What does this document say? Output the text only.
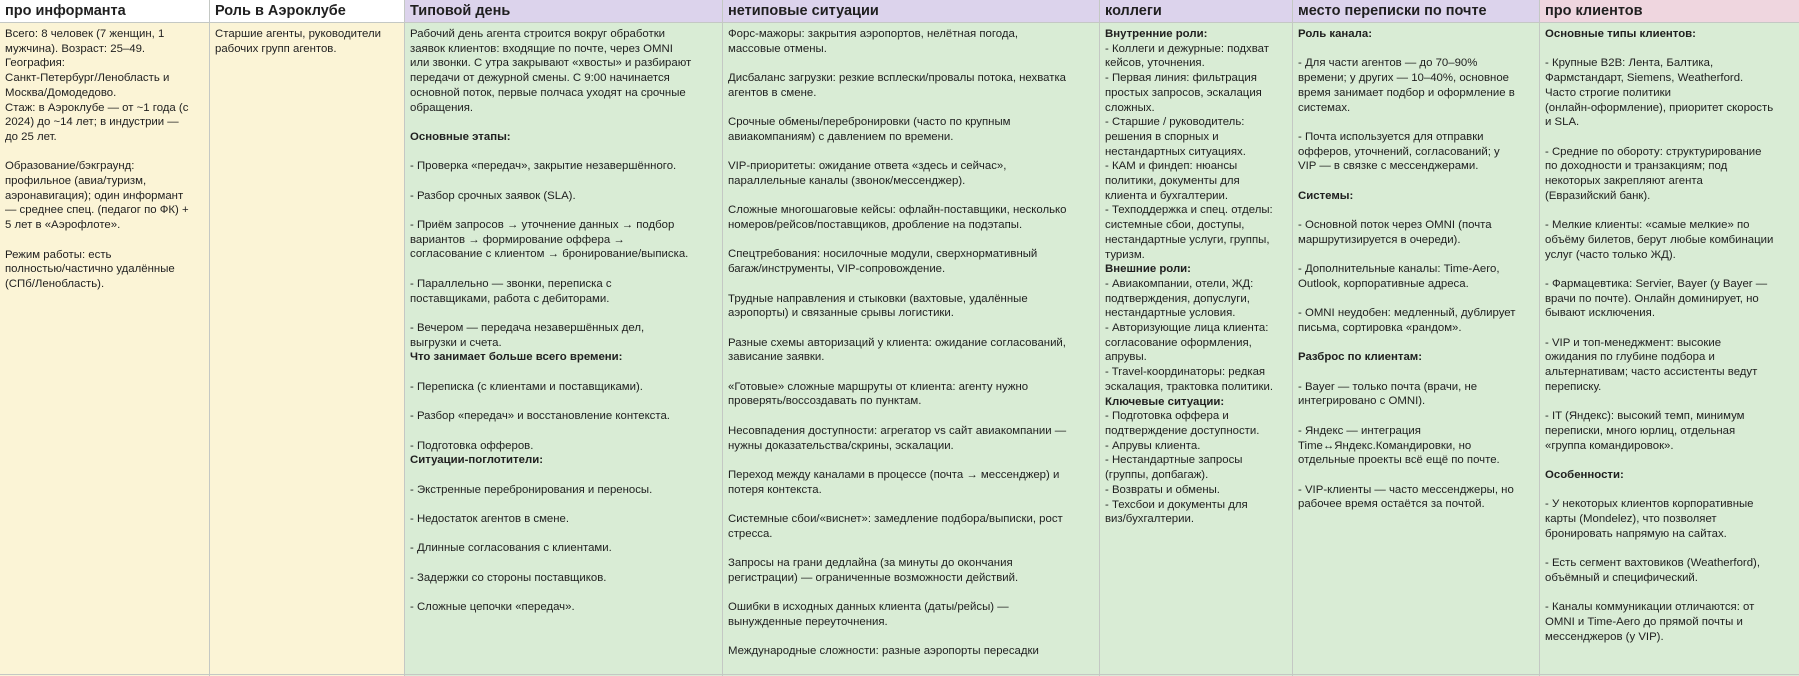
про информанта
Всего: 8 человек (7 женщин, 1
мужчина). Возраст: 25–49.
География:
Санкт-Петербург/Ленобласть и
Москва/Домодедово.
Стаж: в Аэроклубе — от ~1 года (с
2024) до ~14 лет; в индустрии —
до 25 лет.
Образование/бэкграунд:
профильное (авиа/туризм,
аэронавигация); один информант
— среднее спец. (педагог по ФК) +
5 лет в «Аэрофлоте».
Режим работы: есть
полностью/частично удалённые
(СПб/Ленобласть).
Роль в Аэроклубе
Старшие агенты, руководители
рабочих групп агентов.
Типовой день
Рабочий день агента строится вокруг обработки
заявок клиентов: входящие по почте, через OMNI
или звонки. С утра закрывают «хвосты» и разбирают
передачи от дежурной смены. С 9:00 начинается
основной поток, первые полчаса уходят на срочные
обращения.
Основные этапы:
- Проверка «передач», закрытие незавершённого.
- Разбор срочных заявок (SLA).
- Приём запросов → уточнение данных → подбор
вариантов → формирование оффера →
согласование с клиентом → бронирование/выписка.
- Параллельно — звонки, переписка с
поставщиками, работа с дебиторами.
- Вечером — передача незавершённых дел,
выгрузки и счета.
Что занимает больше всего времени:
- Переписка (с клиентами и поставщиками).
- Разбор «передач» и восстановление контекста.
- Подготовка офферов.
Ситуации-поглотители:
- Экстренные перебронирования и переносы.
- Недостаток агентов в смене.
- Длинные согласования с клиентами.
- Задержки со стороны поставщиков.
- Сложные цепочки «передач».
нетиповые ситуации
Форс-мажоры: закрытия аэропортов, нелётная погода,
массовые отмены.
Дисбаланс загрузки: резкие всплески/провалы потока, нехватка
агентов в смене.
Срочные обмены/перебронировки (часто по крупным
авиакомпаниям) с давлением по времени.
VIP-приоритеты: ожидание ответа «здесь и сейчас»,
параллельные каналы (звонок/мессенджер).
Сложные многошаговые кейсы: офлайн-поставщики, несколько
номеров/рейсов/поставщиков, дробление на подэтапы.
Спецтребования: носилочные модули, сверхнормативный
багаж/инструменты, VIP-сопровождение.
Трудные направления и стыковки (вахтовые, удалённые
аэропорты) и связанные срывы логистики.
Разные схемы авторизаций у клиента: ожидание согласований,
зависание заявки.
«Готовые» сложные маршруты от клиента: агенту нужно
проверять/воссоздавать по пунктам.
Несовпадения доступности: агрегатор vs сайт авиакомпании —
нужны доказательства/скрины, эскалации.
Переход между каналами в процессе (почта → мессенджер) и
потеря контекста.
Системные сбои/«виснет»: замедление подбора/выписки, рост
стресса.
Запросы на грани дедлайна (за минуты до окончания
регистрации) — ограниченные возможности действий.
Ошибки в исходных данных клиента (даты/рейсы) —
вынужденные переуточнения.
Международные сложности: разные аэропорты пересадки
коллеги
Внутренние роли:
- Коллеги и дежурные: подхват
кейсов, уточнения.
- Первая линия: фильтрация
простых запросов, эскалация
сложных.
- Старшие / руководитель:
решения в спорных и
нестандартных ситуациях.
- КАМ и финдеп: нюансы
политики, документы для
клиента и бухгалтерии.
- Техподдержка и спец. отделы:
системные сбои, доступы,
нестандартные услуги, группы,
туризм.
Внешние роли:
- Авиакомпании, отели, ЖД:
подтверждения, допуслуги,
нестандартные условия.
- Авторизующие лица клиента:
согласование оформления,
апрувы.
- Travel-координаторы: редкая
эскалация, трактовка политики.
Ключевые ситуации:
- Подготовка оффера и
подтверждение доступности.
- Апрувы клиента.
- Нестандартные запросы
(группы, допбагаж).
- Возвраты и обмены.
- Техсбои и документы для
виз/бухгалтерии.
место переписки по почте
Роль канала:
- Для части агентов — до 70–90%
времени; у других — 10–40%, основное
время занимает подбор и оформление в
системах.
- Почта используется для отправки
офферов, уточнений, согласований; у
VIP — в связке с мессенджерами.
Системы:
- Основной поток через OMNI (почта
маршрутизируется в очереди).
- Дополнительные каналы: Time-Aero,
Outlook, корпоративные адреса.
- OMNI неудобен: медленный, дублирует
письма, сортировка «рандом».
Разброс по клиентам:
- Bayer — только почта (врачи, не
интегрировано с OMNI).
- Яндекс — интеграция
Time↔Яндекс.Командировки, но
отдельные проекты всё ещё по почте.
- VIP-клиенты — часто мессенджеры, но
рабочее время остаётся за почтой.
про клиентов
Основные типы клиентов:
- Крупные B2B: Лента, Балтика,
Фармстандарт, Siemens, Weatherford.
Часто строгие политики
(онлайн-оформление), приоритет скорость
и SLA.
- Средние по обороту: структурирование
по доходности и транзакциям; под
некоторых закрепляют агента
(Евразийский банк).
- Мелкие клиенты: «самые мелкие» по
объёму билетов, берут любые комбинации
услуг (часто только ЖД).
- Фармацевтика: Servier, Bayer (у Bayer —
врачи по почте). Онлайн доминирует, но
бывают исключения.
- VIP и топ-менеджмент: высокие
ожидания по глубине подбора и
альтернативам; часто ассистенты ведут
переписку.
- IT (Яндекс): высокий темп, минимум
переписки, много юрлиц, отдельная
«группа командировок».
Особенности:
- У некоторых клиентов корпоративные
карты (Mondelez), что позволяет
бронировать напрямую на сайтах.
- Есть сегмент вахтовиков (Weatherford),
объёмный и специфический.
- Каналы коммуникации отличаются: от
OMNI и Time-Aero до прямой почты и
мессенджеров (у VIP).
